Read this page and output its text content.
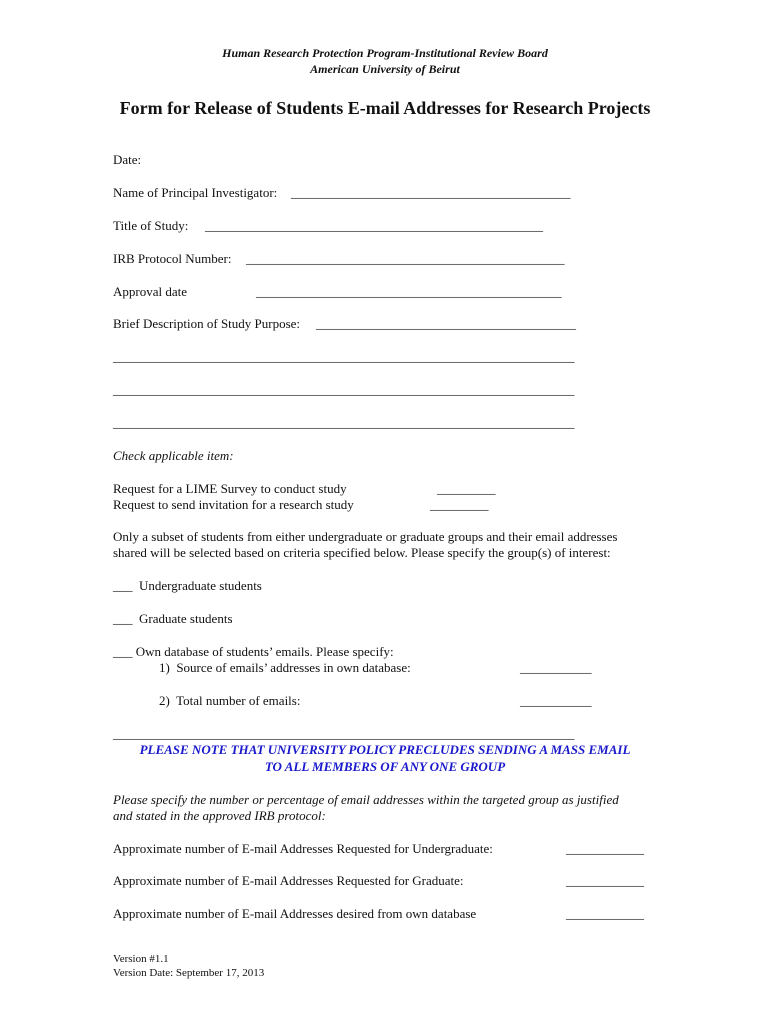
Human Research Protection Program-Institutional Review Board
American University of Beirut
Form for Release of Students E-mail Addresses for Research Projects
Date:
Name of Principal Investigator: ___________________________________________
Title of Study: ____________________________________________________
IRB Protocol Number: _________________________________________________
Approval date	_______________________________________________
Brief Description of Study Purpose: ________________________________________
_______________________________________________________________________
_______________________________________________________________________
_______________________________________________________________________
Check applicable item:
Request for a LIME Survey to conduct study	_________
Request to send invitation for a research study	_________
Only a subset of students from either undergraduate or graduate groups and their email addresses
shared will be selected based on criteria specified below. Please specify the group(s) of interest:
___  Undergraduate students
___  Graduate students
___ Own database of students’ emails. Please specify:
1)  Source of emails’ addresses in own database:	___________
2)  Total number of emails:	___________
_______________________________________________________________________
PLEASE NOTE THAT UNIVERSITY POLICY PRECLUDES SENDING A MASS EMAIL
TO ALL MEMBERS OF ANY ONE GROUP
Please specify the number or percentage of email addresses within the targeted group as justified
and stated in the approved IRB protocol:
Approximate number of E-mail Addresses Requested for Undergraduate:	____________
Approximate number of E-mail Addresses Requested for Graduate:	____________
Approximate number of E-mail Addresses desired from own database	____________
Version #1.1
Version Date: September 17, 2013
